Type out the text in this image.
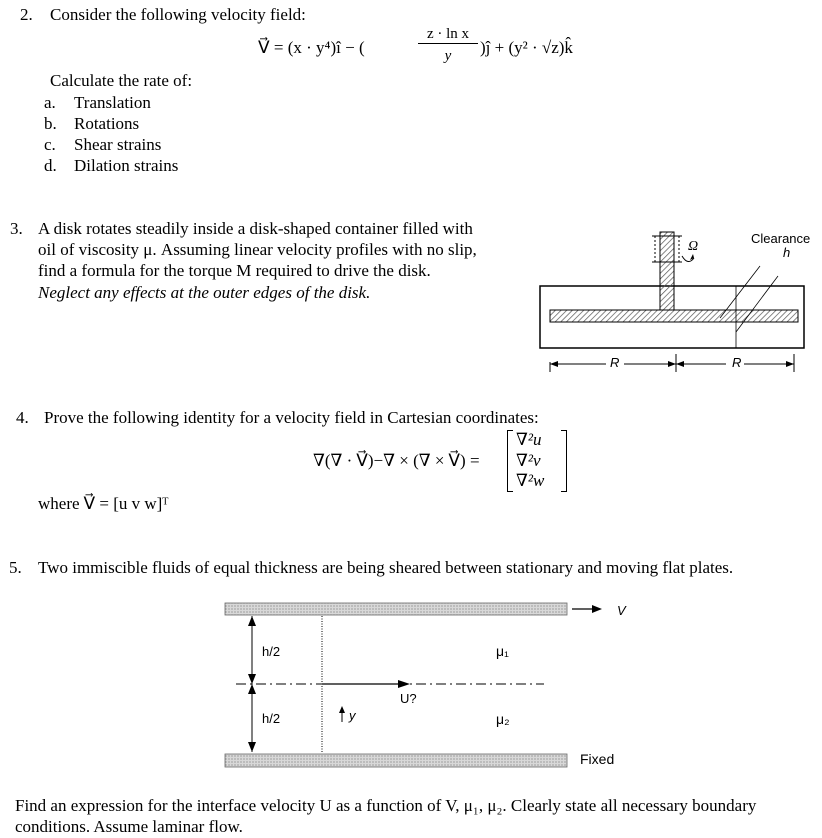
2. Consider the following velocity field:
V⃗ = (x · y⁴)î − (
z · ln x
y	)ĵ + (y² · √z)k̂
Calculate the rate of:
a. Translation
b. Rotations
c. Shear strains
d. Dilation strains
3. A disk rotates steadily inside a disk-shaped container filled with
oil of viscosity μ. Assuming linear velocity profiles with no slip,
find a formula for the torque M required to drive the disk.
Neglect any effects at the outer edges of the disk.
Ω
Clearance
h
R	R
4. Prove the following identity for a velocity field in Cartesian coordinates:
∇(∇ · V⃗)−∇ × (∇ × V⃗) =
∇²u
∇²v
∇²w
where V⃗ = [u v w]ᵀ
5. Two immiscible fluids of equal thickness are being sheared between stationary and moving flat plates.
V
h/2
h/2
μ₁
μ₂
U?
y
Fixed
Find an expression for the interface velocity U as a function of V, μ₁, μ₂. Clearly state all necessary boundary
conditions. Assume laminar flow.
